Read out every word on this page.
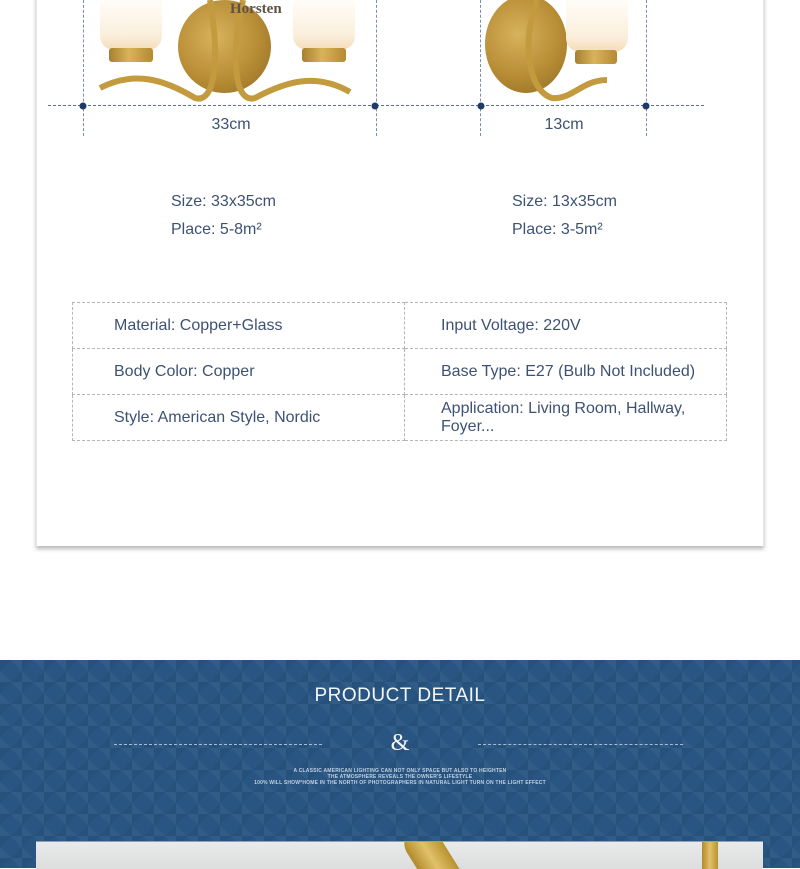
Horsten
33cm	13cm
Size: 33x35cm
Place: 5-8m²
Size: 13x35cm
Place: 3-5m²
Material: Copper+Glass	Input Voltage: 220V
Body Color: Copper	Base Type: E27 (Bulb Not Included)
Style: American Style, Nordic	Application: Living Room, Hallway, Foyer...
PRODUCT DETAIL
&
A CLASSIC AMERICAN LIGHTING CAN NOT ONLY SPACE BUT ALSO TO HEIGHTEN
THE ATMOSPHERE REVEALS THE OWNER'S LIFESTYLE
100% WILL SHOW*HOME IN THE NORTH OF PHOTOGRAPHERS IN NATURAL LIGHT TURN ON THE LIGHT EFFECT
